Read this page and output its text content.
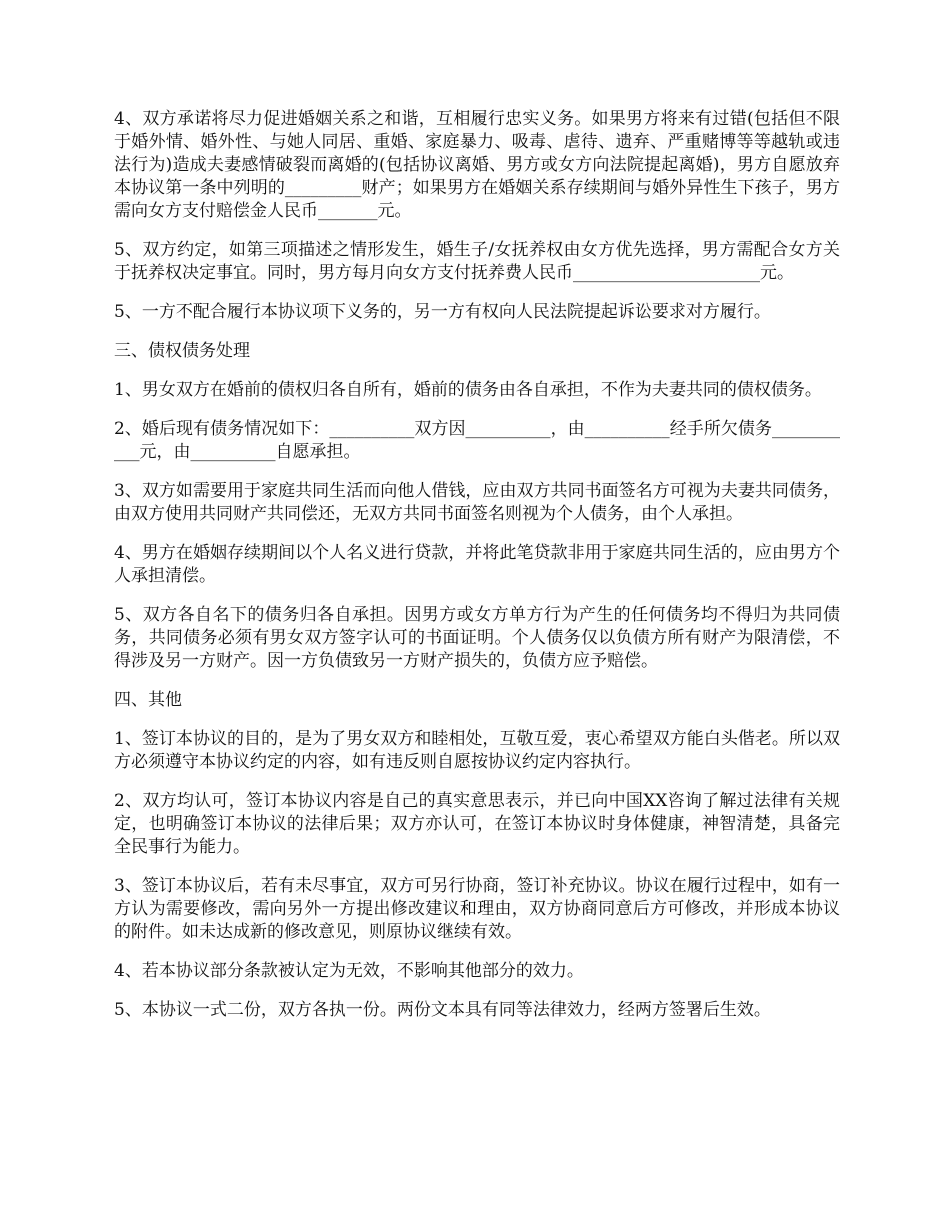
4、双方承诺将尽力促进婚姻关系之和谐，互相履行忠实义务。如果男方将来有过错(包括但不限于婚外情、婚外性、与她人同居、重婚、家庭暴力、吸毒、虐待、遗弃、严重赌博等等越轨或违法行为)造成夫妻感情破裂而离婚的(包括协议离婚、男方或女方向法院提起离婚)，男方自愿放弃本协议第一条中列明的_________财产；如果男方在婚姻关系存续期间与婚外异性生下孩子，男方需向女方支付赔偿金人民币_______元。

5、双方约定，如第三项描述之情形发生，婚生子/女抚养权由女方优先选择，男方需配合女方关于抚养权决定事宜。同时，男方每月向女方支付抚养费人民币______________________元。

5、一方不配合履行本协议项下义务的，另一方有权向人民法院提起诉讼要求对方履行。

三、债权债务处理

1、男女双方在婚前的债权归各自所有，婚前的债务由各自承担，不作为夫妻共同的债权债务。

2、婚后现有债务情况如下：__________双方因__________，由__________经手所欠债务___________元，由__________自愿承担。

3、双方如需要用于家庭共同生活而向他人借钱，应由双方共同书面签名方可视为夫妻共同债务，由双方使用共同财产共同偿还，无双方共同书面签名则视为个人债务，由个人承担。

4、男方在婚姻存续期间以个人名义进行贷款，并将此笔贷款非用于家庭共同生活的，应由男方个人承担清偿。

5、双方各自名下的债务归各自承担。因男方或女方单方行为产生的任何债务均不得归为共同债务，共同债务必须有男女双方签字认可的书面证明。个人债务仅以负债方所有财产为限清偿，不得涉及另一方财产。因一方负债致另一方财产损失的，负债方应予赔偿。

四、其他

1、签订本协议的目的，是为了男女双方和睦相处，互敬互爱，衷心希望双方能白头偕老。所以双方必须遵守本协议约定的内容，如有违反则自愿按协议约定内容执行。

2、双方均认可，签订本协议内容是自己的真实意思表示，并已向中国XX咨询了解过法律有关规定，也明确签订本协议的法律后果；双方亦认可，在签订本协议时身体健康，神智清楚，具备完全民事行为能力。

3、签订本协议后，若有未尽事宜，双方可另行协商，签订补充协议。协议在履行过程中，如有一方认为需要修改，需向另外一方提出修改建议和理由，双方协商同意后方可修改，并形成本协议的附件。如未达成新的修改意见，则原协议继续有效。

4、若本协议部分条款被认定为无效，不影响其他部分的效力。

5、本协议一式二份，双方各执一份。两份文本具有同等法律效力，经两方签署后生效。
